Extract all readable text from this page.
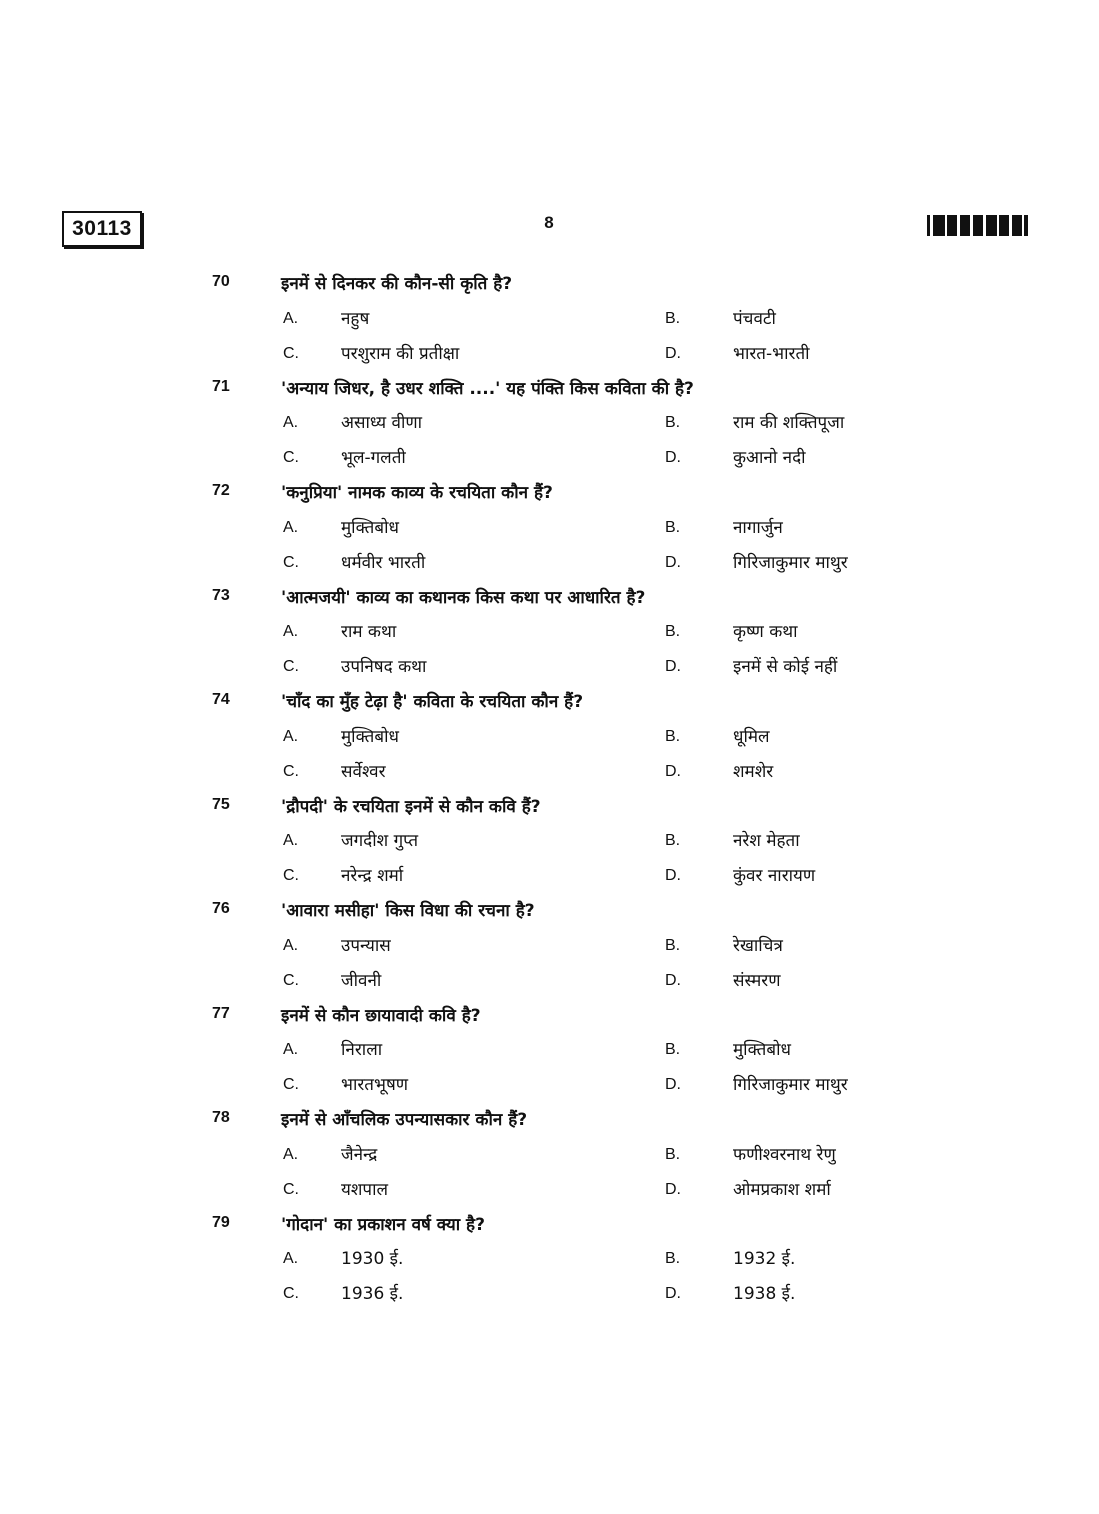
30113	8
70	इनमें से दिनकर की कौन-सी कृति है?
A.	नहुष	B.	पंचवटी
C. परशुराम की प्रतीक्षा	D.	भारत-भारती
71	'अन्याय जिधर, है उधर शक्ति ....' यह पंक्ति किस कविता की है?
A.	असाध्य वीणा	B.	राम की शक्तिपूजा
C. भूल-गलती	D.	कुआनो नदी
72	'कनुप्रिया' नामक काव्य के रचयिता कौन हैं?
A.	मुक्तिबोध	B.	नागार्जुन
C. धर्मवीर भारती	D.	गिरिजाकुमार माथुर
73	'आत्मजयी' काव्य का कथानक किस कथा पर आधारित है?
A.	राम कथा	B.	कृष्ण कथा
C. उपनिषद कथा	D.	इनमें से कोई नहीं
74	'चाँद का मुँह टेढ़ा है' कविता के रचयिता कौन हैं?
A.	मुक्तिबोध	B.	धूमिल
C. सर्वेश्वर	D.	शमशेर
75	'द्रौपदी' के रचयिता इनमें से कौन कवि हैं?
A.	जगदीश गुप्त	B.	नरेश मेहता
C. नरेन्द्र शर्मा	D.	कुंवर नारायण
76	'आवारा मसीहा' किस विधा की रचना है?
A.	उपन्यास	B.	रेखाचित्र
C. जीवनी	D.	संस्मरण
77	इनमें से कौन छायावादी कवि है?
A.	निराला	B.	मुक्तिबोध
C. भारतभूषण	D.	गिरिजाकुमार माथुर
78	इनमें से आँचलिक उपन्यासकार कौन हैं?
A.	जैनेन्द्र	B.	फणीश्वरनाथ रेणु
C. यशपाल	D.	ओमप्रकाश शर्मा
79	'गोदान' का प्रकाशन वर्ष क्या है?
A.	1930 ई.	B.	1932 ई.
C. 1936 ई.	D.	1938 ई.
